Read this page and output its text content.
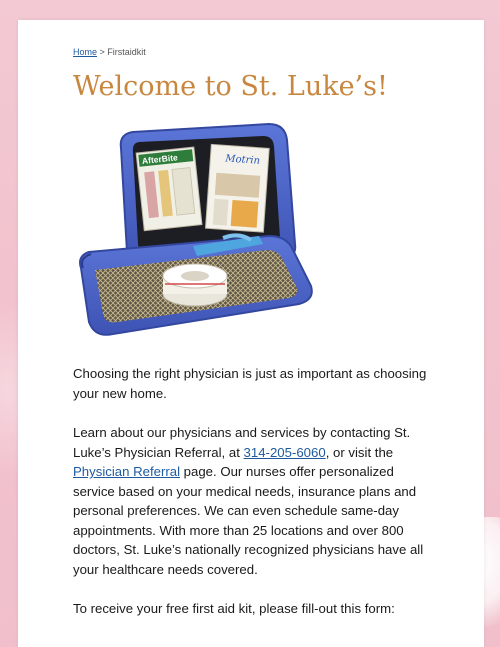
Home > Firstaidkit
Welcome to St. Luke’s!
AfterBite	Motrin

Choosing the right physician is just as important as choosing your new home.

Learn about our physicians and services by contacting St. Luke’s Physician Referral, at 314-205-6060, or visit the Physician Referral page. Our nurses offer personalized service based on your medical needs, insurance plans and personal preferences. We can even schedule same-day appointments. With more than 25 locations and over 800 doctors, St. Luke’s nationally recognized physicians have all your healthcare needs covered.

To receive your free first aid kit, please fill-out this form:
